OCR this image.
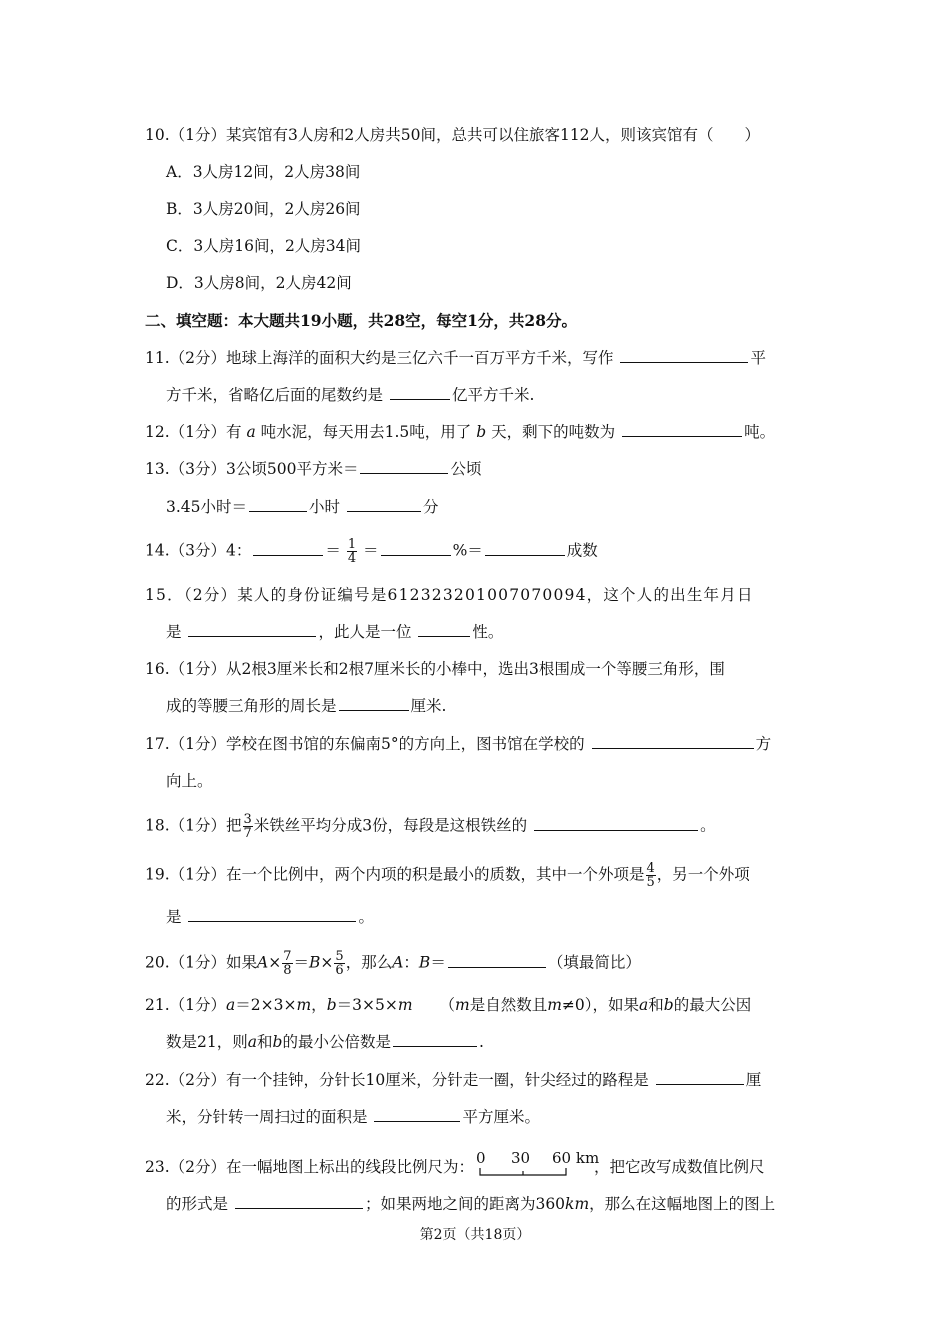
10.（1分）某宾馆有3人房和2人房共50间，总共可以住旅客112人，则该宾馆有（　　）
A．3人房12间，2人房38间
B．3人房20间，2人房26间
C．3人房16间，2人房34间
D．3人房8间，2人房42间
二、填空题：本大题共19小题，共28空，每空1分，共28分。
11.（2分）地球上海洋的面积大约是三亿六千一百万平方千米，写作	平
方千米，省略亿后面的尾数约是	亿平方千米.
12.（1分）有 a 吨水泥，每天用去1.5吨，用了 b 天，剩下的吨数为	吨。
13.（3分）3公顷500平方米＝	公顷
3.45小时＝	小时	分
14.（3分）4：	＝ $\frac{1}{4}$ ＝	%＝	成数
15．（2分）某人的身份证编号是612323201007070094，这个人的出生年月日
是	，此人是一位	性。
16.（1分）从2根3厘米长和2根7厘米长的小棒中，选出3根围成一个等腰三角形，围
成的等腰三角形的周长是	厘米.
17.（1分）学校在图书馆的东偏南5°的方向上，图书馆在学校的	方
向上。
18.（1分）把 $\frac{3}{7}$ 米铁丝平均分成3份，每段是这根铁丝的	。
19.（1分）在一个比例中，两个内项的积是最小的质数，其中一个外项是 $\frac{4}{5}$ ，另一个外项
是	。
20.（1分）如果$A\times \frac{7}{8} =B\times \frac{5}{6}$ ，那么A：B＝	（填最简比）
21.（1分）a＝2×3×m，b＝3×5×m （m是自然数且m≠0），如果a和b的最大公因
数是21，则a和b的最小公倍数是	.
22.（2分）有一个挂钟，分针长10厘米，分针走一圈，针尖经过的路程是	厘
米，分针转一周扫过的面积是	平方厘米。
23.（2分）在一幅地图上标出的线段比例尺为： 0 30 60 km
，把它改写成数值比例尺
的形式是	；如果两地之间的距离为360km，那么在这幅地图上的图上
第2页（共18页）
